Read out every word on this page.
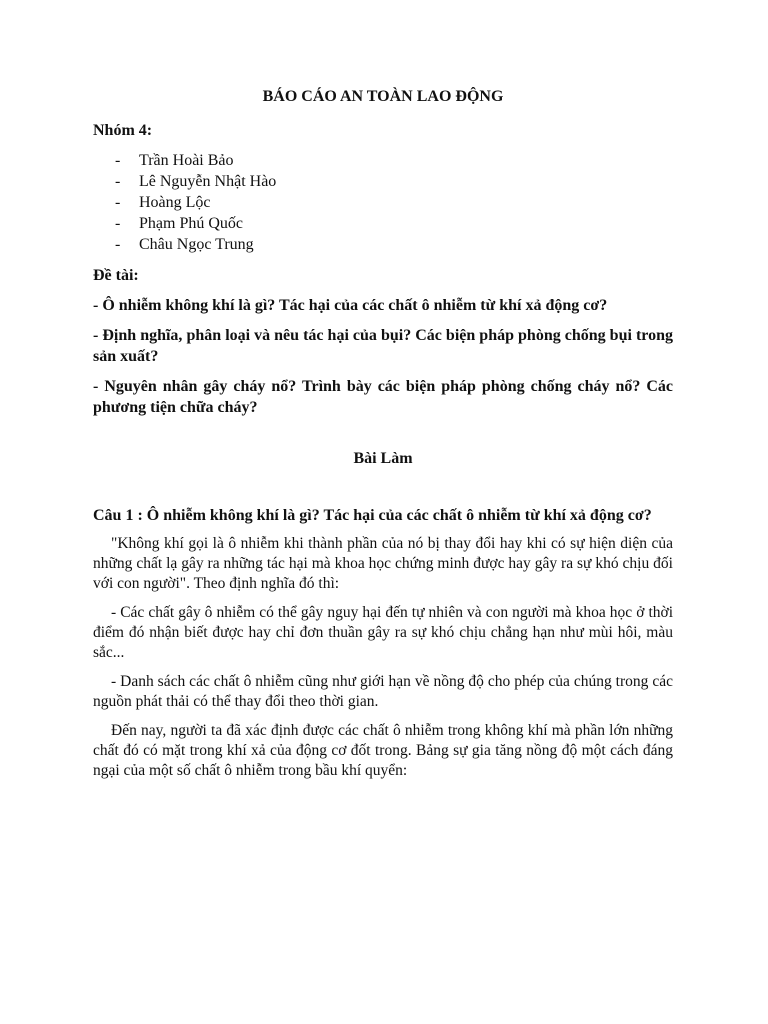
BÁO CÁO AN TOÀN LAO ĐỘNG
Nhóm 4:
- Trần Hoài Bảo
- Lê Nguyễn Nhật Hào
- Hoàng Lộc
- Phạm Phú Quốc
- Châu Ngọc Trung
Đề tài:
- Ô nhiễm không khí là gì? Tác hại của các chất ô nhiễm từ khí xả động cơ?
- Định nghĩa, phân loại và nêu tác hại của bụi? Các biện pháp phòng chống bụi trong sản xuất?
- Nguyên nhân gây cháy nổ? Trình bày các biện pháp phòng chống cháy nổ? Các phương tiện chữa cháy?
Bài Làm
Câu 1 : Ô nhiễm không khí là gì? Tác hại của các chất ô nhiễm từ khí xả động cơ?

"Không khí gọi là ô nhiễm khi thành phần của nó bị thay đổi hay khi có sự hiện diện của những chất lạ gây ra những tác hại mà khoa học chứng minh được hay gây ra sự khó chịu đối với con người". Theo định nghĩa đó thì:

- Các chất gây ô nhiễm có thể gây nguy hại đến tự nhiên và con người mà khoa học ở thời điểm đó nhận biết được hay chỉ đơn thuần gây ra sự khó chịu chẳng hạn như mùi hôi, màu sắc...

- Danh sách các chất ô nhiễm cũng như giới hạn về nồng độ cho phép của chúng trong các nguồn phát thải có thể thay đổi theo thời gian.

Đến nay, người ta đã xác định được các chất ô nhiễm trong không khí mà phần lớn những chất đó có mặt trong khí xả của động cơ đốt trong. Bảng sự gia tăng nồng độ một cách đáng ngại của một số chất ô nhiễm trong bầu khí quyển:
